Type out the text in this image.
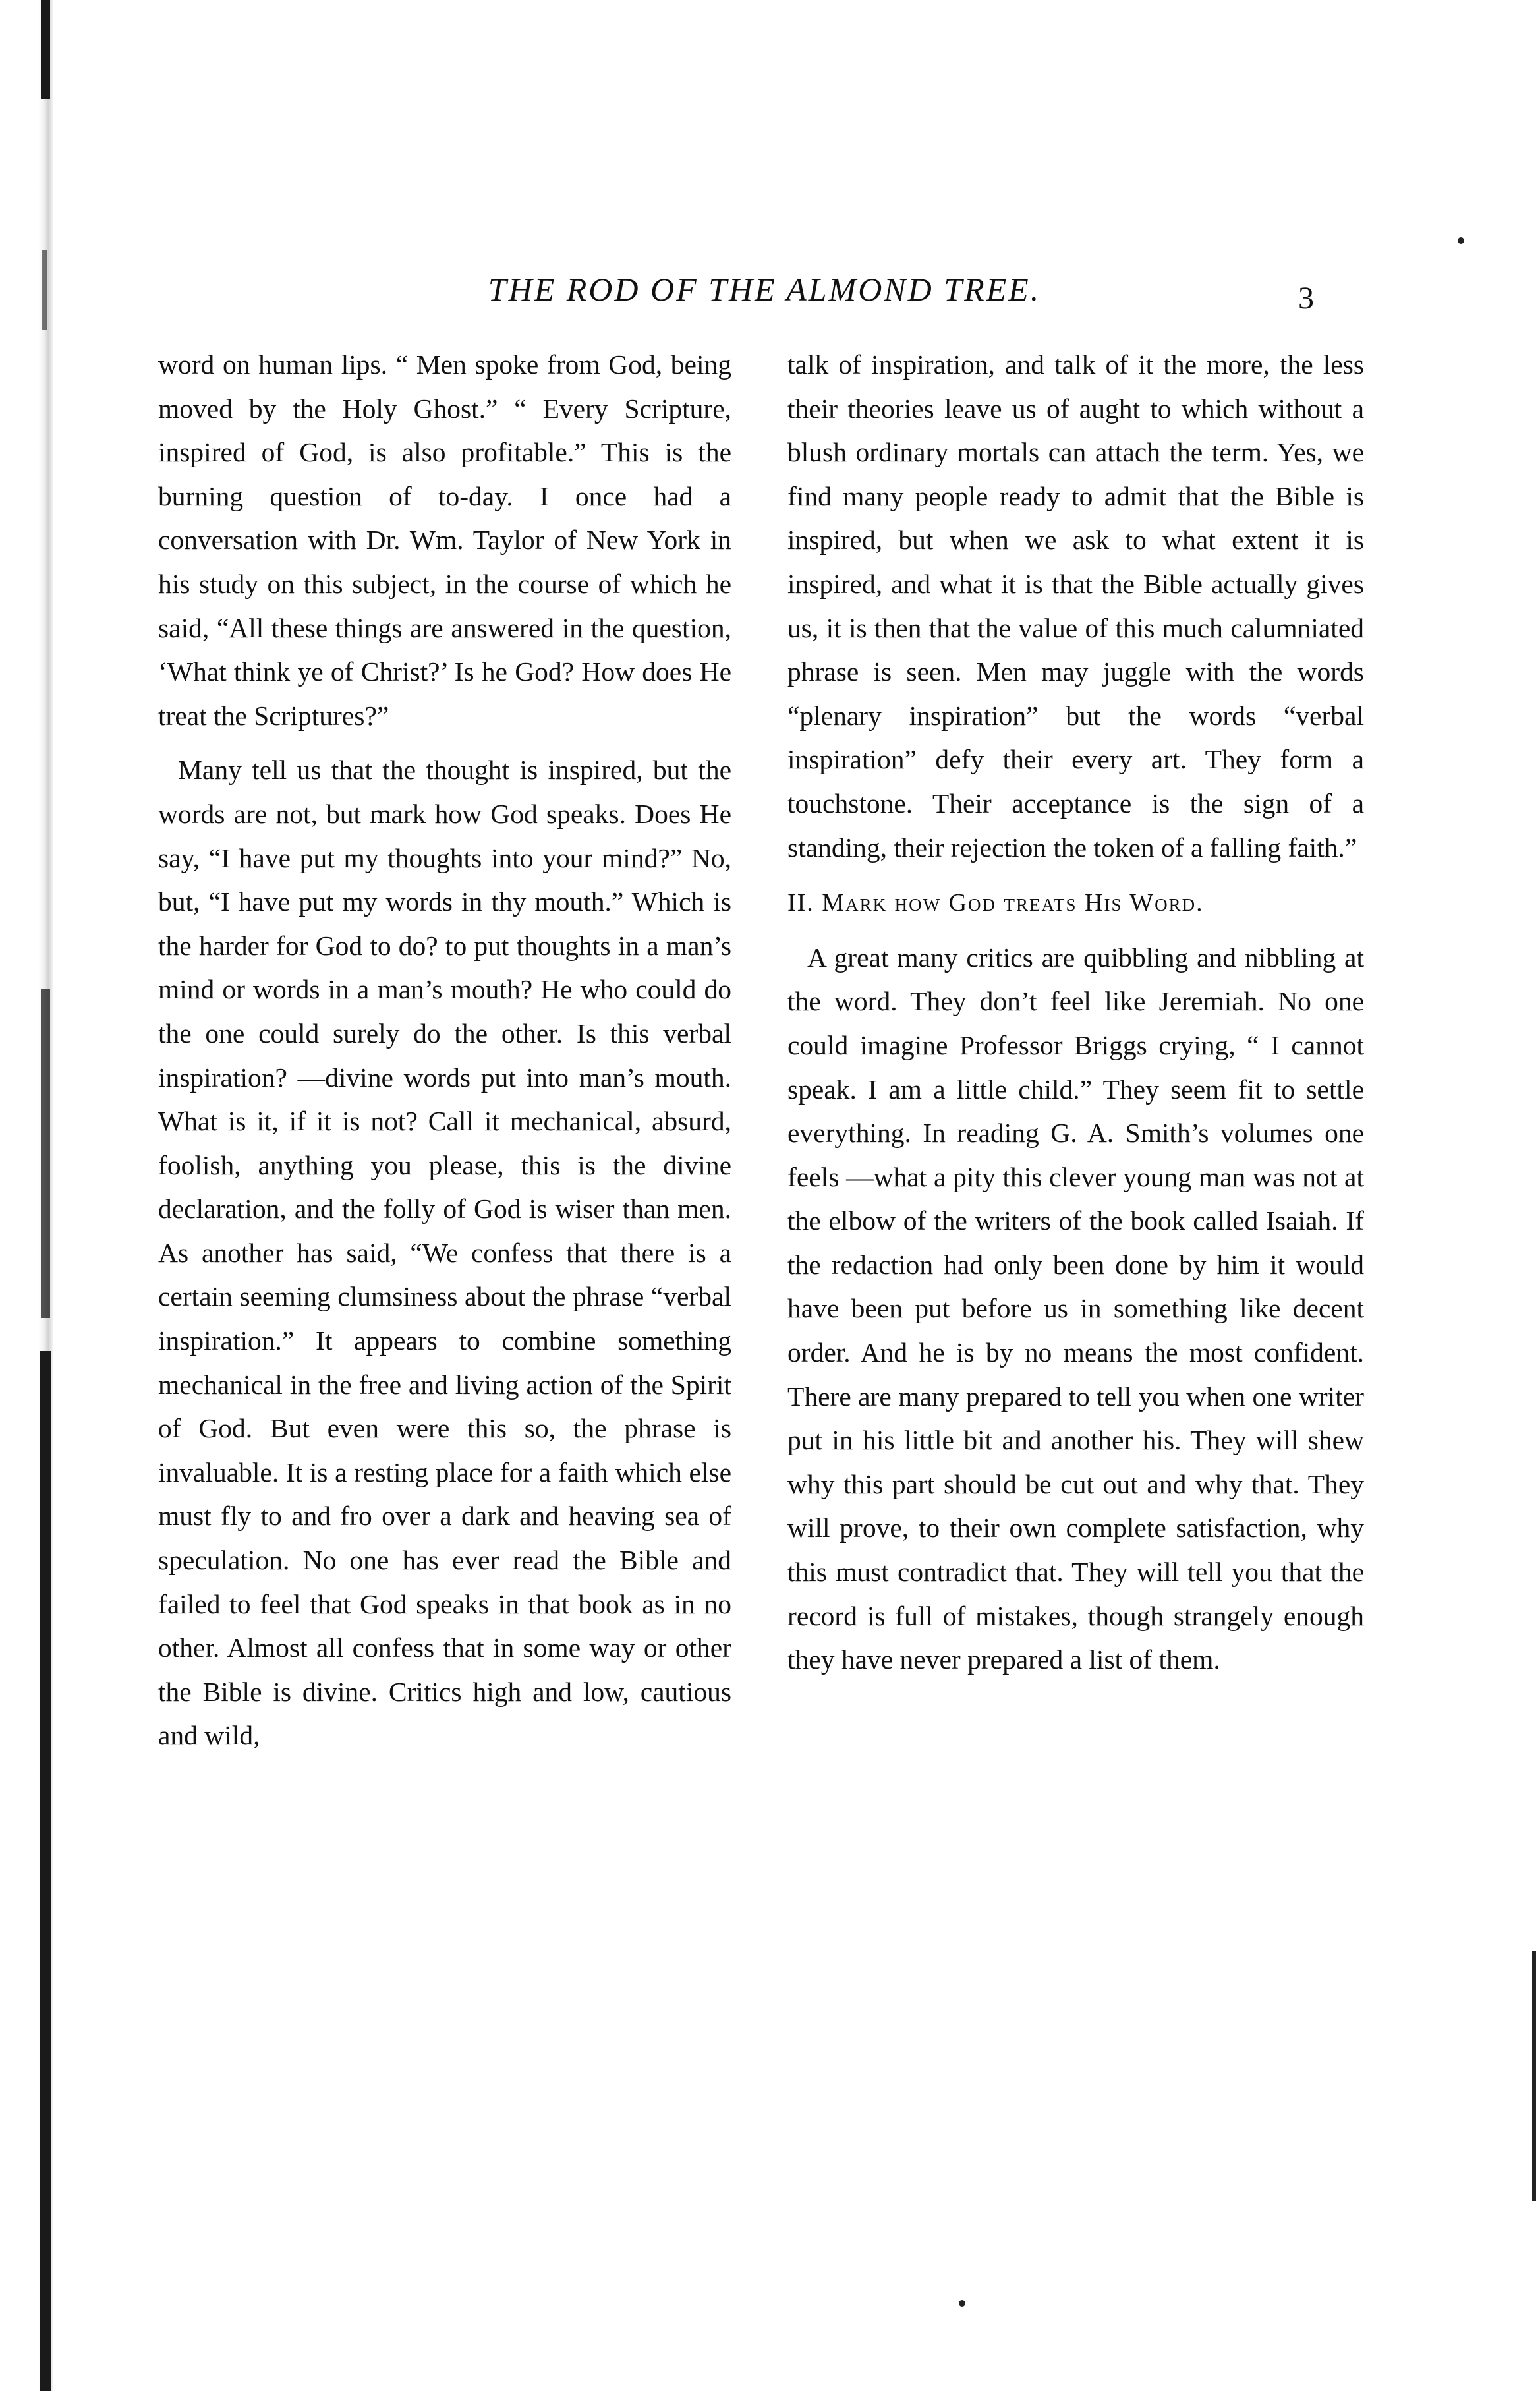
THE ROD OF THE ALMOND TREE.	3

word on human lips. “ Men spoke from God, being moved by the Holy Ghost.” “ Every Scripture, inspired of God, is also profitable.” This is the burning question of to-day. I once had a conversation with Dr. Wm. Taylor of New York in his study on this subject, in the course of which he said, “All these things are answered in the question, ‘What think ye of Christ?’ Is he God? How does He treat the Scriptures?”

Many tell us that the thought is inspired, but the words are not, but mark how God speaks. Does He say, “I have put my thoughts into your mind?” No, but, “I have put my words in thy mouth.” Which is the harder for God to do? to put thoughts in a man’s mind or words in a man’s mouth? He who could do the one could surely do the other. Is this verbal inspiration? —divine words put into man’s mouth. What is it, if it is not? Call it mechanical, absurd, foolish, anything you please, this is the divine declaration, and the folly of God is wiser than men. As another has said, “We confess that there is a certain seeming clumsiness about the phrase “verbal inspiration.” It appears to combine something mechanical in the free and living action of the Spirit of God. But even were this so, the phrase is invaluable. It is a resting place for a faith which else must fly to and fro over a dark and heaving sea of speculation. No one has ever read the Bible and failed to feel that God speaks in that book as in no other. Almost all confess that in some way or other the Bible is divine. Critics high and low, cautious and wild,

talk of inspiration, and talk of it the more, the less their theories leave us of aught to which without a blush ordinary mortals can attach the term. Yes, we find many people ready to admit that the Bible is inspired, but when we ask to what extent it is inspired, and what it is that the Bible actually gives us, it is then that the value of this much calumniated phrase is seen. Men may juggle with the words “plenary inspiration” but the words “verbal inspiration” defy their every art. They form a touchstone. Their acceptance is the sign of a standing, their rejection the token of a falling faith.”

II. Mark how God treats His Word.

A great many critics are quibbling and nibbling at the word. They don’t feel like Jeremiah. No one could imagine Professor Briggs crying, “ I cannot speak. I am a little child.” They seem fit to settle everything. In reading G. A. Smith’s volumes one feels —what a pity this clever young man was not at the elbow of the writers of the book called Isaiah. If the redaction had only been done by him it would have been put before us in something like decent order. And he is by no means the most confident. There are many prepared to tell you when one writer put in his little bit and another his. They will shew why this part should be cut out and why that. They will prove, to their own complete satisfaction, why this must contradict that. They will tell you that the record is full of mistakes, though strangely enough they have never prepared a list of them.
